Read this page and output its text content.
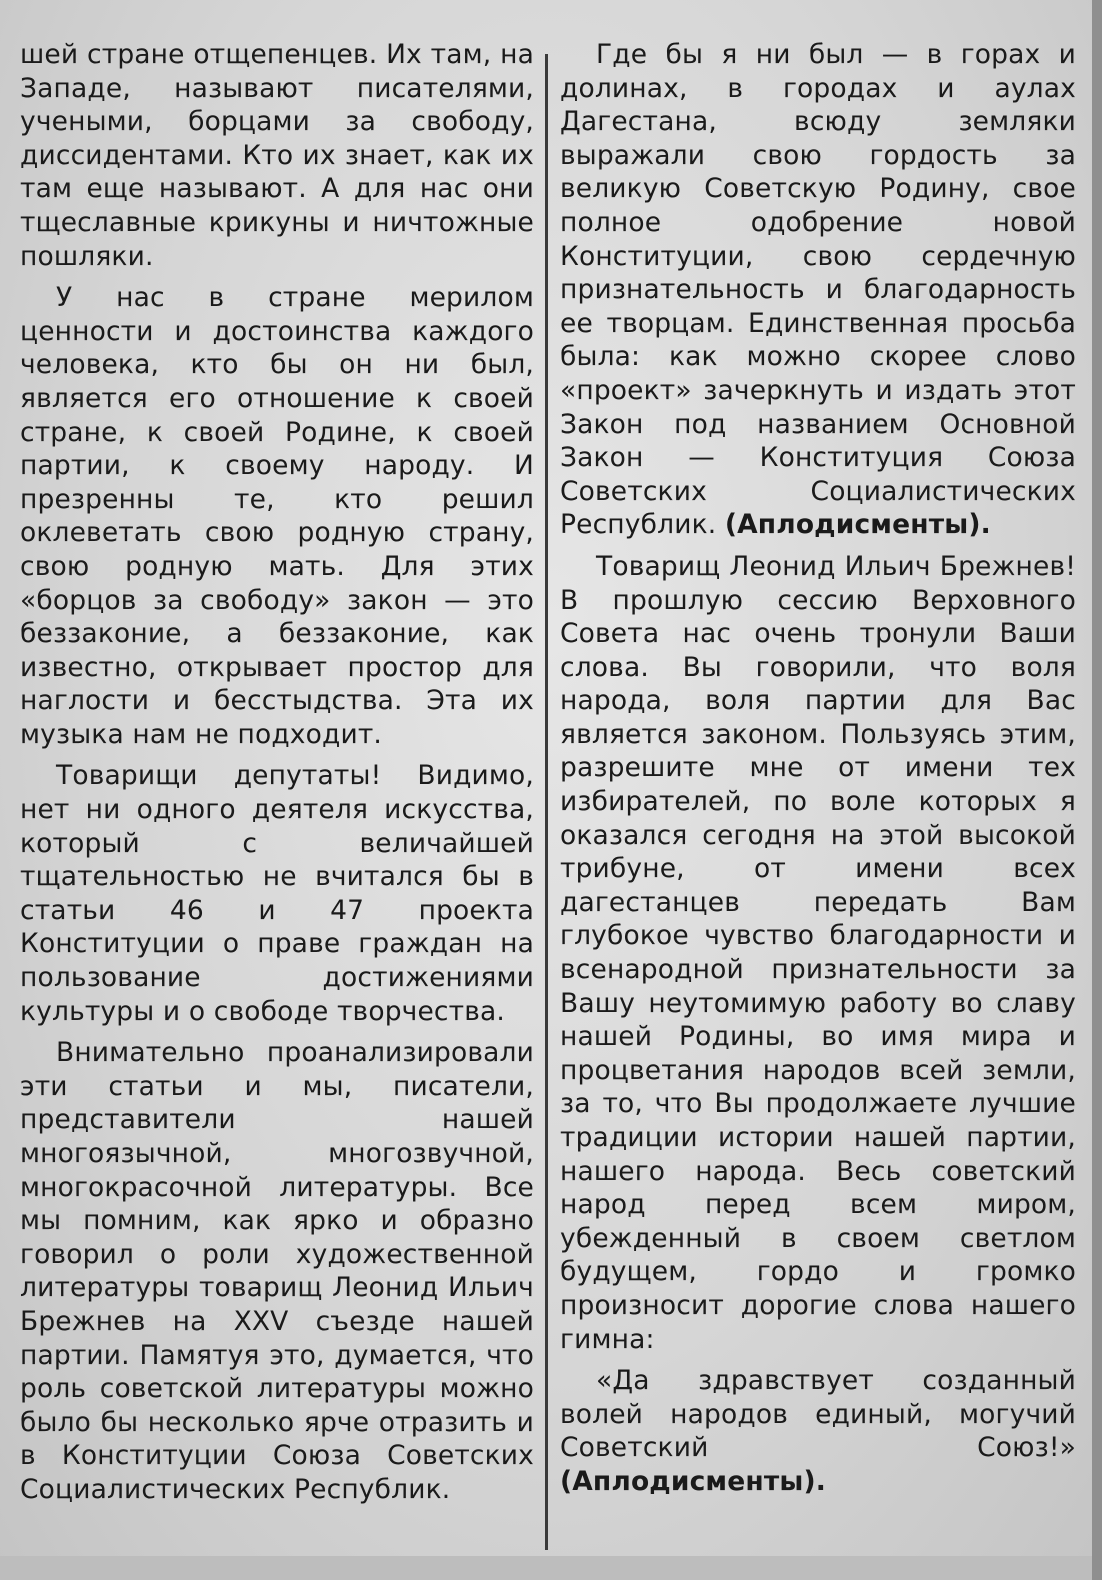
шей стране отщепенцев. Их там, на Западе, называют писателями, учеными, борцами за свободу, диссидентами. Кто их знает, как их там еще называют. А для нас они тщеславные крикуны и ничтожные пошляки.

У нас в стране мерилом ценности и достоинства каждого человека, кто бы он ни был, является его отношение к своей стране, к своей Родине, к своей партии, к своему народу. И презренны те, кто решил оклеветать свою родную страну, свою родную мать. Для этих «борцов за свободу» закон — это беззаконие, а беззаконие, как известно, открывает простор для наглости и бесстыдства. Эта их музыка нам не подходит.

Товарищи депутаты! Видимо, нет ни одного деятеля искусства, который с величайшей тщательностью не вчитался бы в статьи 46 и 47 проекта Конституции о праве граждан на пользование достижениями культуры и о свободе творчества.

Внимательно проанализировали эти статьи и мы, писатели, представители нашей многоязычной, многозвучной, многокрасочной литературы. Все мы помним, как ярко и образно говорил о роли художественной литературы товарищ Леонид Ильич Брежнев на XXV съезде нашей партии. Памятуя это, думается, что роль советской литературы можно было бы несколько ярче отразить и в Конституции Союза Советских Социалистических Республик.

Где бы я ни был — в горах и долинах, в городах и аулах Дагестана, всюду земляки выражали свою гордость за великую Советскую Родину, свое полное одобрение новой Конституции, свою сердечную признательность и благодарность ее творцам. Единственная просьба была: как можно скорее слово «проект» зачеркнуть и издать этот Закон под названием Основной Закон — Конституция Союза Советских Социалистических Республик. (Аплодисменты).

Товарищ Леонид Ильич Брежнев! В прошлую сессию Верховного Совета нас очень тронули Ваши слова. Вы говорили, что воля народа, воля партии для Вас является законом. Пользуясь этим, разрешите мне от имени тех избирателей, по воле которых я оказался сегодня на этой высокой трибуне, от имени всех дагестанцев передать Вам глубокое чувство благодарности и всенародной признательности за Вашу неутомимую работу во славу нашей Родины, во имя мира и процветания народов всей земли, за то, что Вы продолжаете лучшие традиции истории нашей партии, нашего народа. Весь советский народ перед всем миром, убежденный в своем светлом будущем, гордо и громко произносит дорогие слова нашего гимна:

«Да здравствует созданный волей народов единый, могучий Советский Союз!» (Аплодисменты).
